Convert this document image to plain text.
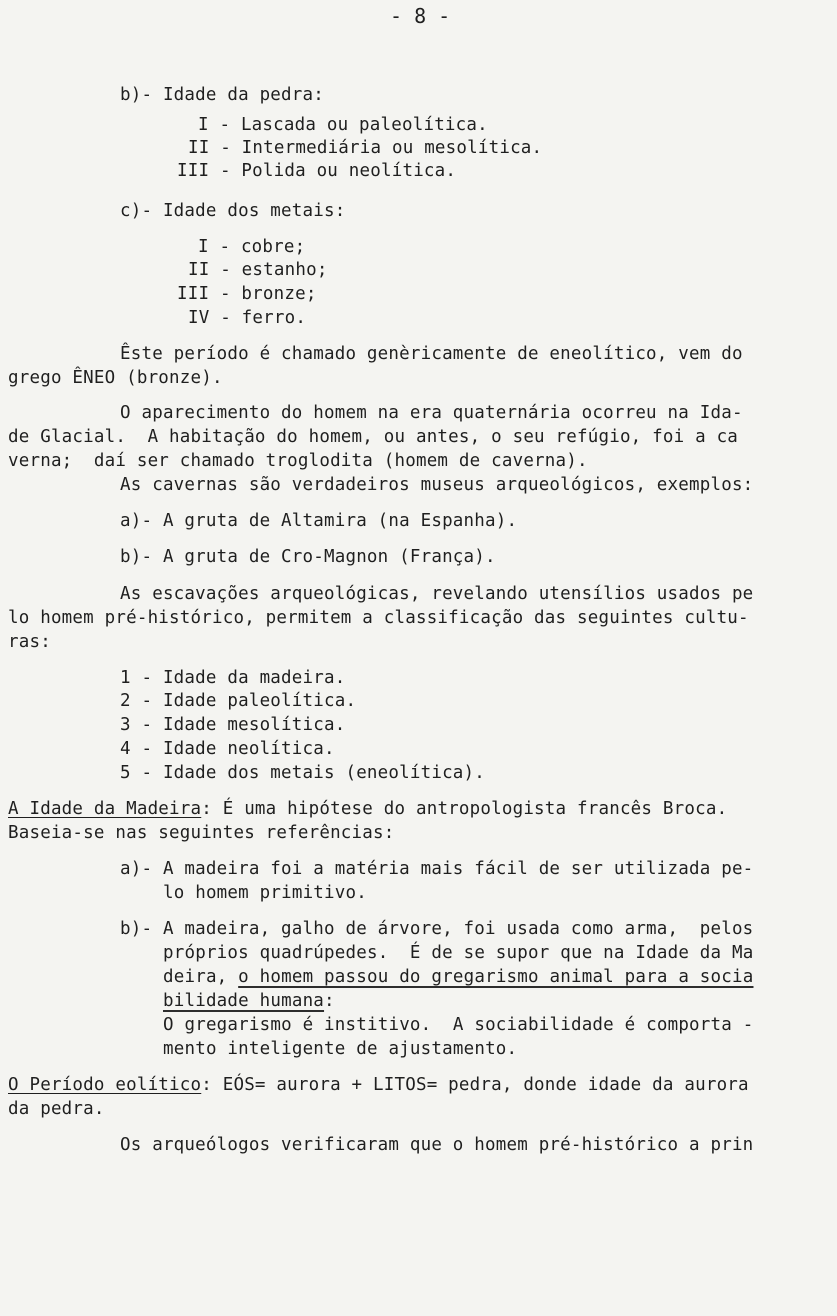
- 8 -
b)- Idade da pedra:
I - Lascada ou paleolítica.
II - Intermediária ou mesolítica.
III - Polida ou neolítica.
c)- Idade dos metais:
I - cobre;
II - estanho;
III - bronze;
IV - ferro.
Êste período é chamado genèricamente de eneolítico, vem do
grego ÊNEO (bronze).
O aparecimento do homem na era quaternária ocorreu na Ida-
de Glacial.  A habitação do homem, ou antes, o seu refúgio, foi a ca
verna;  daí ser chamado troglodita (homem de caverna).
As cavernas são verdadeiros museus arqueológicos, exemplos:
a)- A gruta de Altamira (na Espanha).
b)- A gruta de Cro-Magnon (França).
As escavações arqueológicas, revelando utensílios usados pe
lo homem pré-histórico, permitem a classificação das seguintes cultu-
ras:
1 - Idade da madeira.
2 - Idade paleolítica.
3 - Idade mesolítica.
4 - Idade neolítica.
5 - Idade dos metais (eneolítica).
A Idade da Madeira: É uma hipótese do antropologista francês Broca.
Baseia-se nas seguintes referências:
a)- A madeira foi a matéria mais fácil de ser utilizada pe-
lo homem primitivo.
b)- A madeira, galho de árvore, foi usada como arma,  pelos
próprios quadrúpedes.  É de se supor que na Idade da Ma
deira, o homem passou do gregarismo animal para a socia
bilidade humana:
O gregarismo é institivo.  A sociabilidade é comporta -
mento inteligente de ajustamento.
O Período eolítico: EÓS= aurora + LITOS= pedra, donde idade da aurora
da pedra.
Os arqueólogos verificaram que o homem pré-histórico a prin
